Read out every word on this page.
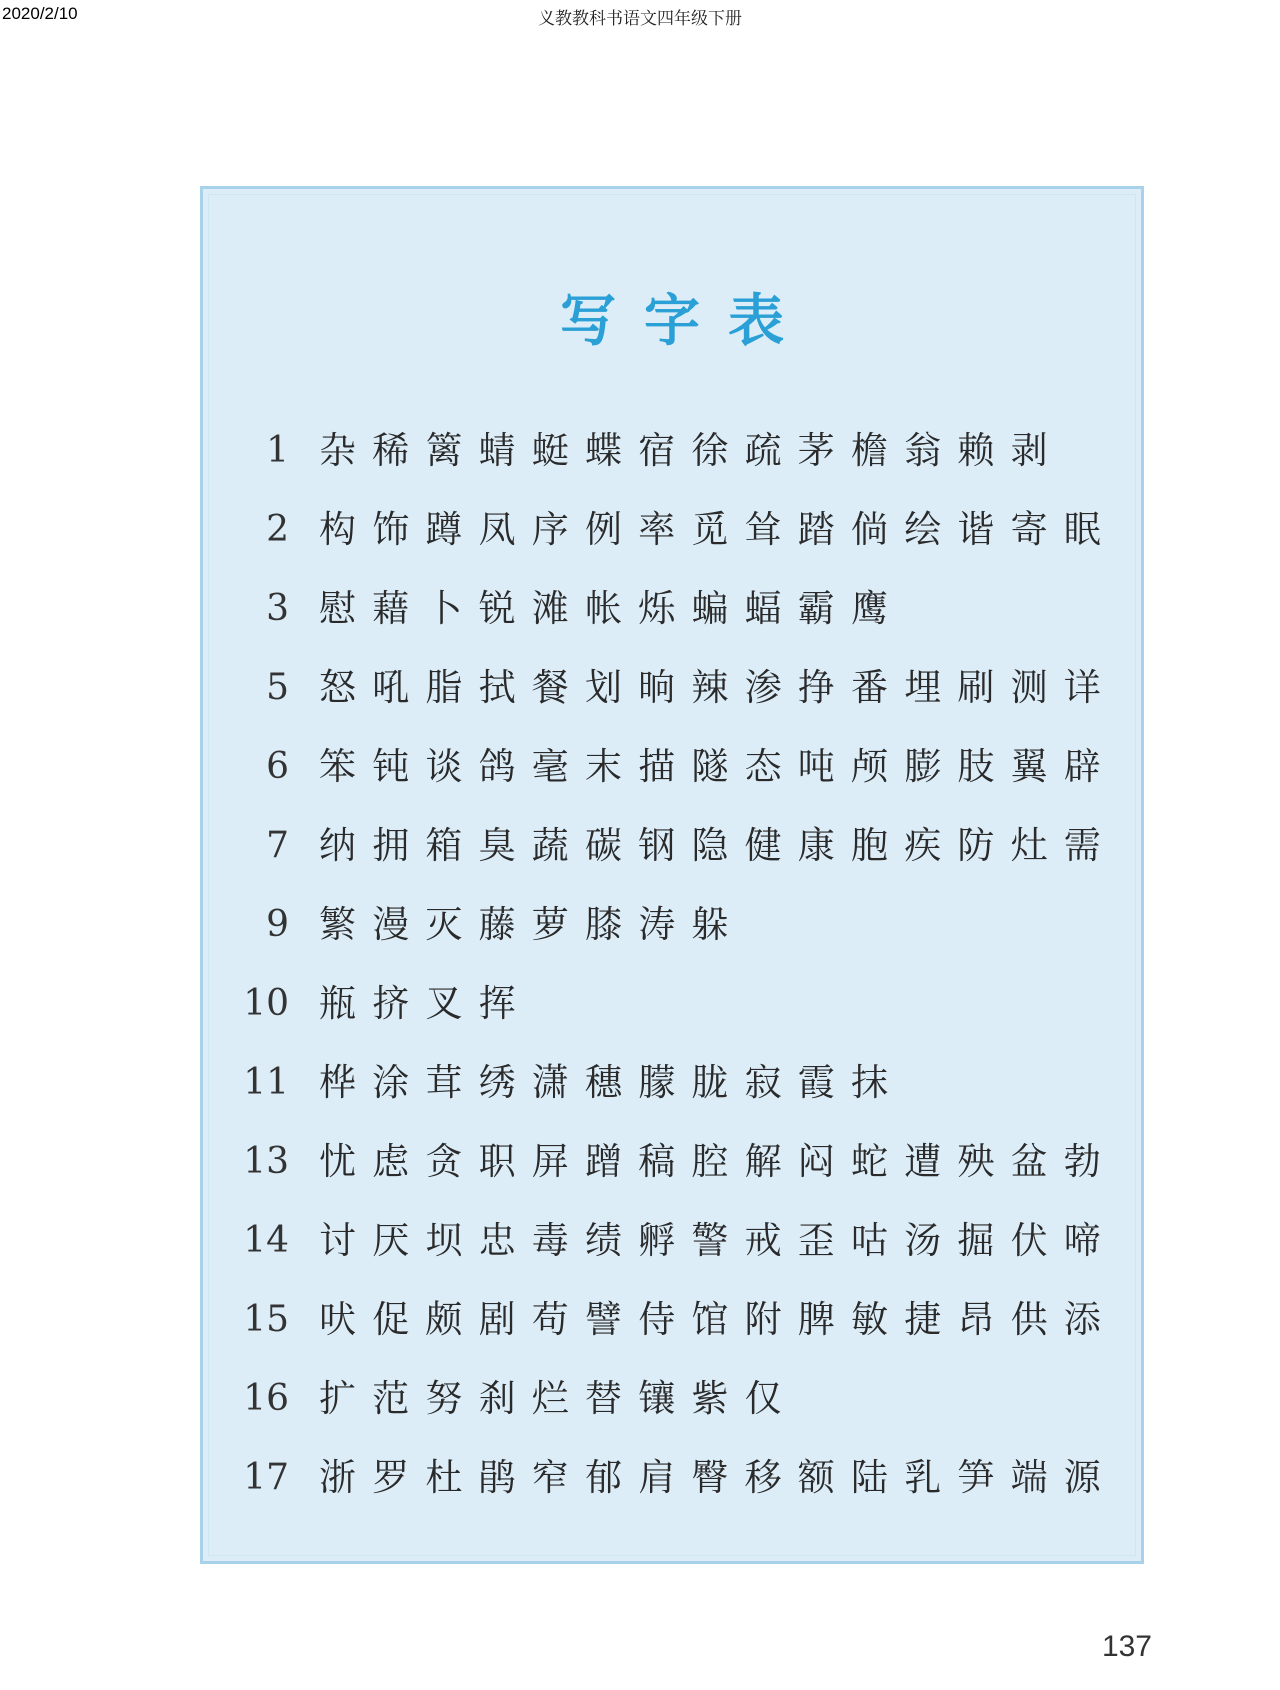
2020/2/10	义教教科书语文四年级下册
写字表
1 杂稀篱蜻蜓蝶宿徐疏茅檐翁赖剥
2 构饰蹲凤序例率觅耸踏倘绘谐寄眠
3 慰藉卜锐滩帐烁蝙蝠霸鹰
5 怒吼脂拭餐划晌辣渗挣番埋刷测详
6 笨钝谈鸽毫末描隧态吨颅膨肢翼辟
7 纳拥箱臭蔬碳钢隐健康胞疾防灶需
9 繁漫灭藤萝膝涛躲
10 瓶挤叉挥
11 桦涂茸绣潇穗朦胧寂霞抹
13 忧虑贪职屏蹭稿腔解闷蛇遭殃盆勃
14 讨厌坝忠毒绩孵警戒歪咕汤掘伏啼
15 吠促颇剧苟譬侍馆附脾敏捷昂供添
16 扩范努刹烂替镶紫仅
17 浙罗杜鹃窄郁肩臀移额陆乳笋端源
137
